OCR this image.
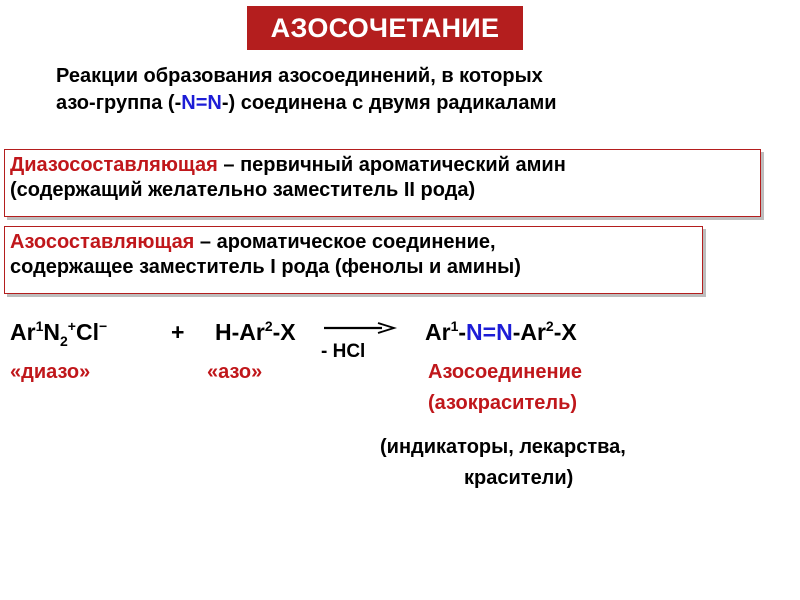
АЗОСОЧЕТАНИЕ
Реакции образования азосоединений, в которых
азо-группа (-N=N-) соединена с двумя радикалами
Диазосоставляющая – первичный ароматический амин
(содержащий желательно заместитель II рода)
Азосоставляющая – ароматическое соединение,
содержащее заместитель I рода (фенолы и амины)
$Ar^1N_2^+Cl^-$	+ $H-Ar^2-X$
- HCl
$Ar^1-N=N-Ar^2-X$
«диазо»	«азо»	Азосоединение
(азокраситель)
(индикаторы, лекарства,
красители)
